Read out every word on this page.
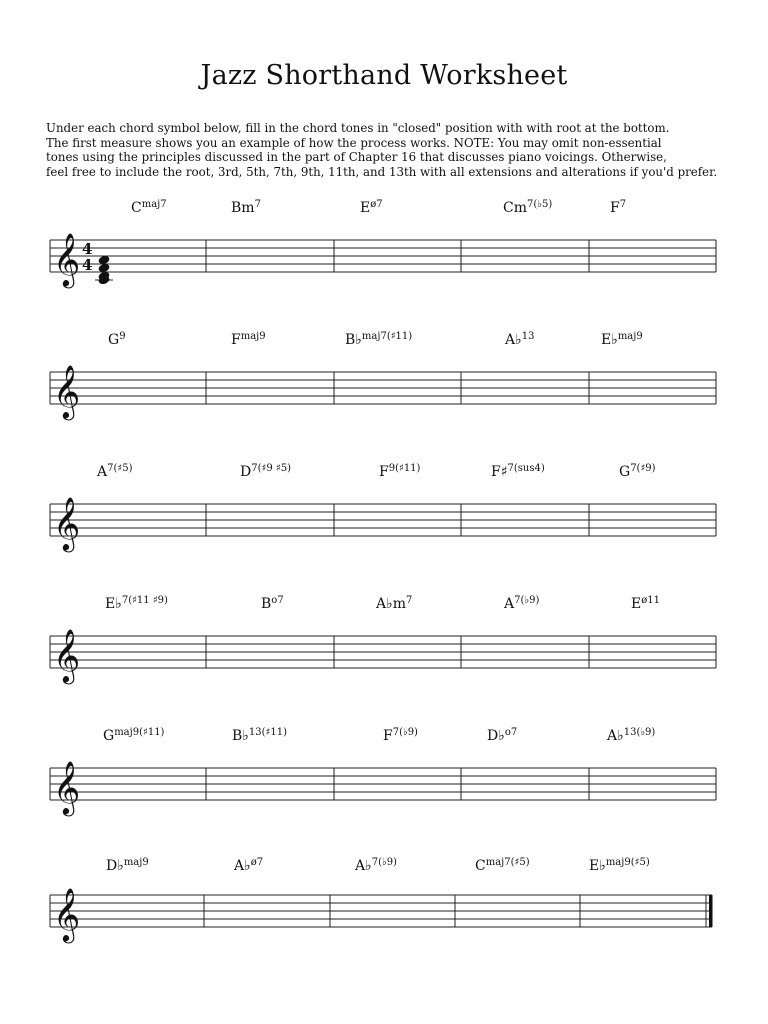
Jazz Shorthand Worksheet
Under each chord symbol below, fill in the chord tones in "closed" position with with root at the bottom.
The first measure shows you an example of how the process works. NOTE: You may omit non-essential
tones using the principles discussed in the part of Chapter 16 that discusses piano voicings. Otherwise,
feel free to include the root, 3rd, 5th, 7th, 9th, 11th, and 13th with all extensions and alterations if you'd prefer.
$C^{maj7}$	Bm$^7$	$E^{ø7}$	$Cm^{7(♭5)}$	$F^7$
𝄞 4
4
$G^9$	$F^{maj9}$	B♭$^{maj7(♯11)}$	A♭$^{13}$	E♭$^{maj9}$
𝄞
$A^{7(♯5)}$	$D^{7(♯9 ♯5)}$	$F^{9(♯11)}$	F♯$^{7(sus4)}$	$G^{7(♯9)}$
𝄞
E♭$^{7(♯11 ♯9)}$	$B^{o7}$	$A♭m^7$	$A^{7(♭9)}$	$E^{ø11}$
𝄞
$G^{maj9(♯11)}$	B♭$^{13(♯11)}$	$F^{7(♭9)}$	D♭$^{o7}$	A♭$^{13(♭9)}$
𝄞
D♭$^{maj9}$	A♭$^{ø7}$	A♭$^{7(♭9)}$	$C^{maj7(♯5)}$	E♭$^{maj9(♯5)}$
𝄞
